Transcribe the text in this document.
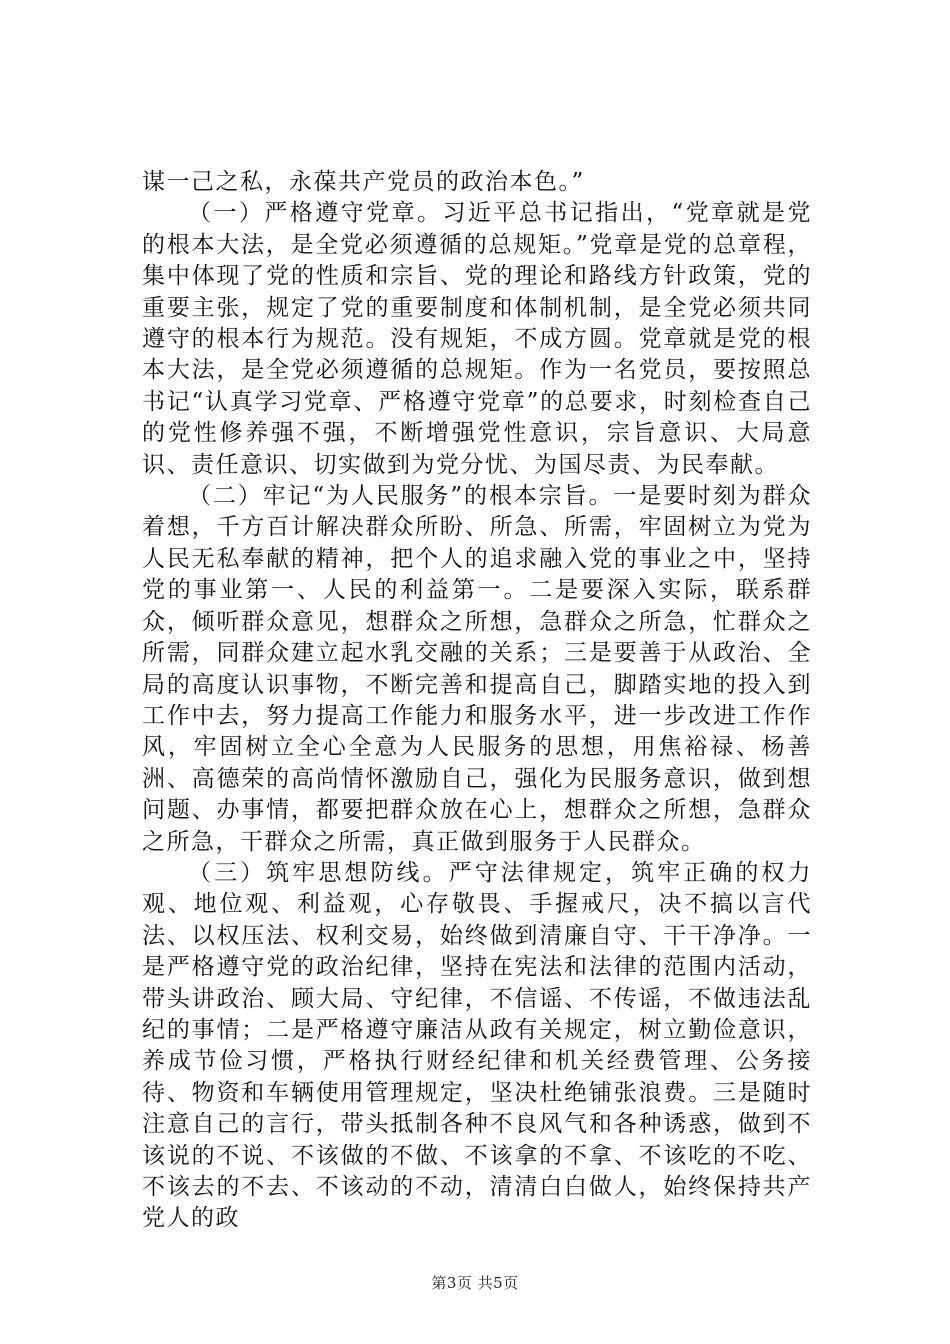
谋一己之私，永葆共产党员的政治本色。”

（一）严格遵守党章。习近平总书记指出，“党章就是党的根本大法，是全党必须遵循的总规矩。”党章是党的总章程，集中体现了党的性质和宗旨、党的理论和路线方针政策，党的重要主张，规定了党的重要制度和体制机制，是全党必须共同遵守的根本行为规范。没有规矩，不成方圆。党章就是党的根本大法，是全党必须遵循的总规矩。作为一名党员，要按照总书记“认真学习党章、严格遵守党章”的总要求，时刻检查自己的党性修养强不强，不断增强党性意识，宗旨意识、大局意识、责任意识、切实做到为党分忧、为国尽责、为民奉献。

（二）牢记“为人民服务”的根本宗旨。一是要时刻为群众着想，千方百计解决群众所盼、所急、所需，牢固树立为党为人民无私奉献的精神，把个人的追求融入党的事业之中，坚持党的事业第一、人民的利益第一。二是要深入实际，联系群众，倾听群众意见，想群众之所想，急群众之所急，忙群众之所需，同群众建立起水乳交融的关系；三是要善于从政治、全局的高度认识事物，不断完善和提高自己，脚踏实地的投入到工作中去，努力提高工作能力和服务水平，进一步改进工作作风，牢固树立全心全意为人民服务的思想，用焦裕禄、杨善洲、高德荣的高尚情怀激励自己，强化为民服务意识，做到想问题、办事情，都要把群众放在心上，想群众之所想，急群众之所急，干群众之所需，真正做到服务于人民群众。

（三）筑牢思想防线。严守法律规定，筑牢正确的权力观、地位观、利益观，心存敬畏、手握戒尺，决不搞以言代法、以权压法、权利交易，始终做到清廉自守、干干净净。一是严格遵守党的政治纪律，坚持在宪法和法律的范围内活动，带头讲政治、顾大局、守纪律，不信谣、不传谣，不做违法乱纪的事情；二是严格遵守廉洁从政有关规定，树立勤俭意识，养成节俭习惯，严格执行财经纪律和机关经费管理、公务接待、物资和车辆使用管理规定，坚决杜绝铺张浪费。三是随时注意自己的言行，带头抵制各种不良风气和各种诱惑，做到不该说的不说、不该做的不做、不该拿的不拿、不该吃的不吃、不该去的不去、不该动的不动，清清白白做人，始终保持共产党人的政

第3页 共5页
